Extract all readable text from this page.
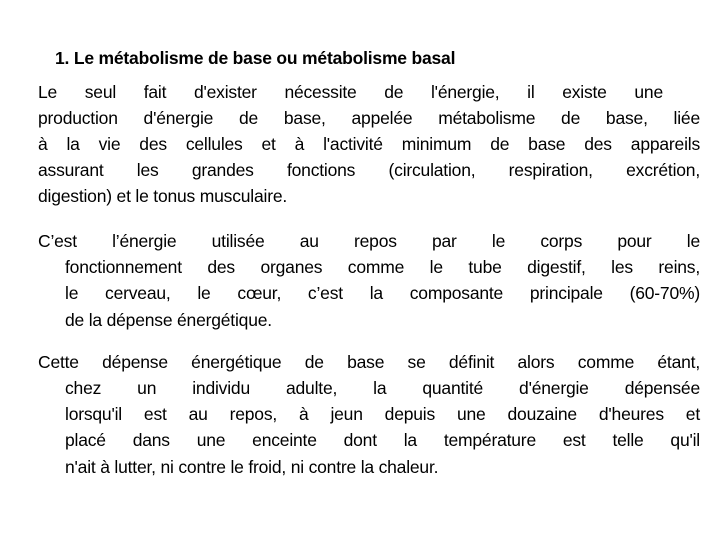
1. Le métabolisme de base ou métabolisme basal
Le seul fait d'exister nécessite de l'énergie, il existe une
production d'énergie de base, appelée métabolisme de base, liée
à la vie des cellules et à l'activité minimum de base des appareils
assurant les grandes fonctions (circulation, respiration, excrétion,
digestion) et le tonus musculaire.
C’est l’énergie utilisée au repos par le corps pour le
fonctionnement des organes comme le tube digestif, les reins,
le cerveau, le cœur, c’est la composante principale (60-70%)
de la dépense énergétique.
Cette dépense énergétique de base se définit alors comme étant,
chez un individu adulte, la quantité d'énergie dépensée
lorsqu'il est au repos, à jeun depuis une douzaine d'heures et
placé dans une enceinte dont la température est telle qu'il
n'ait à lutter, ni contre le froid, ni contre la chaleur.
